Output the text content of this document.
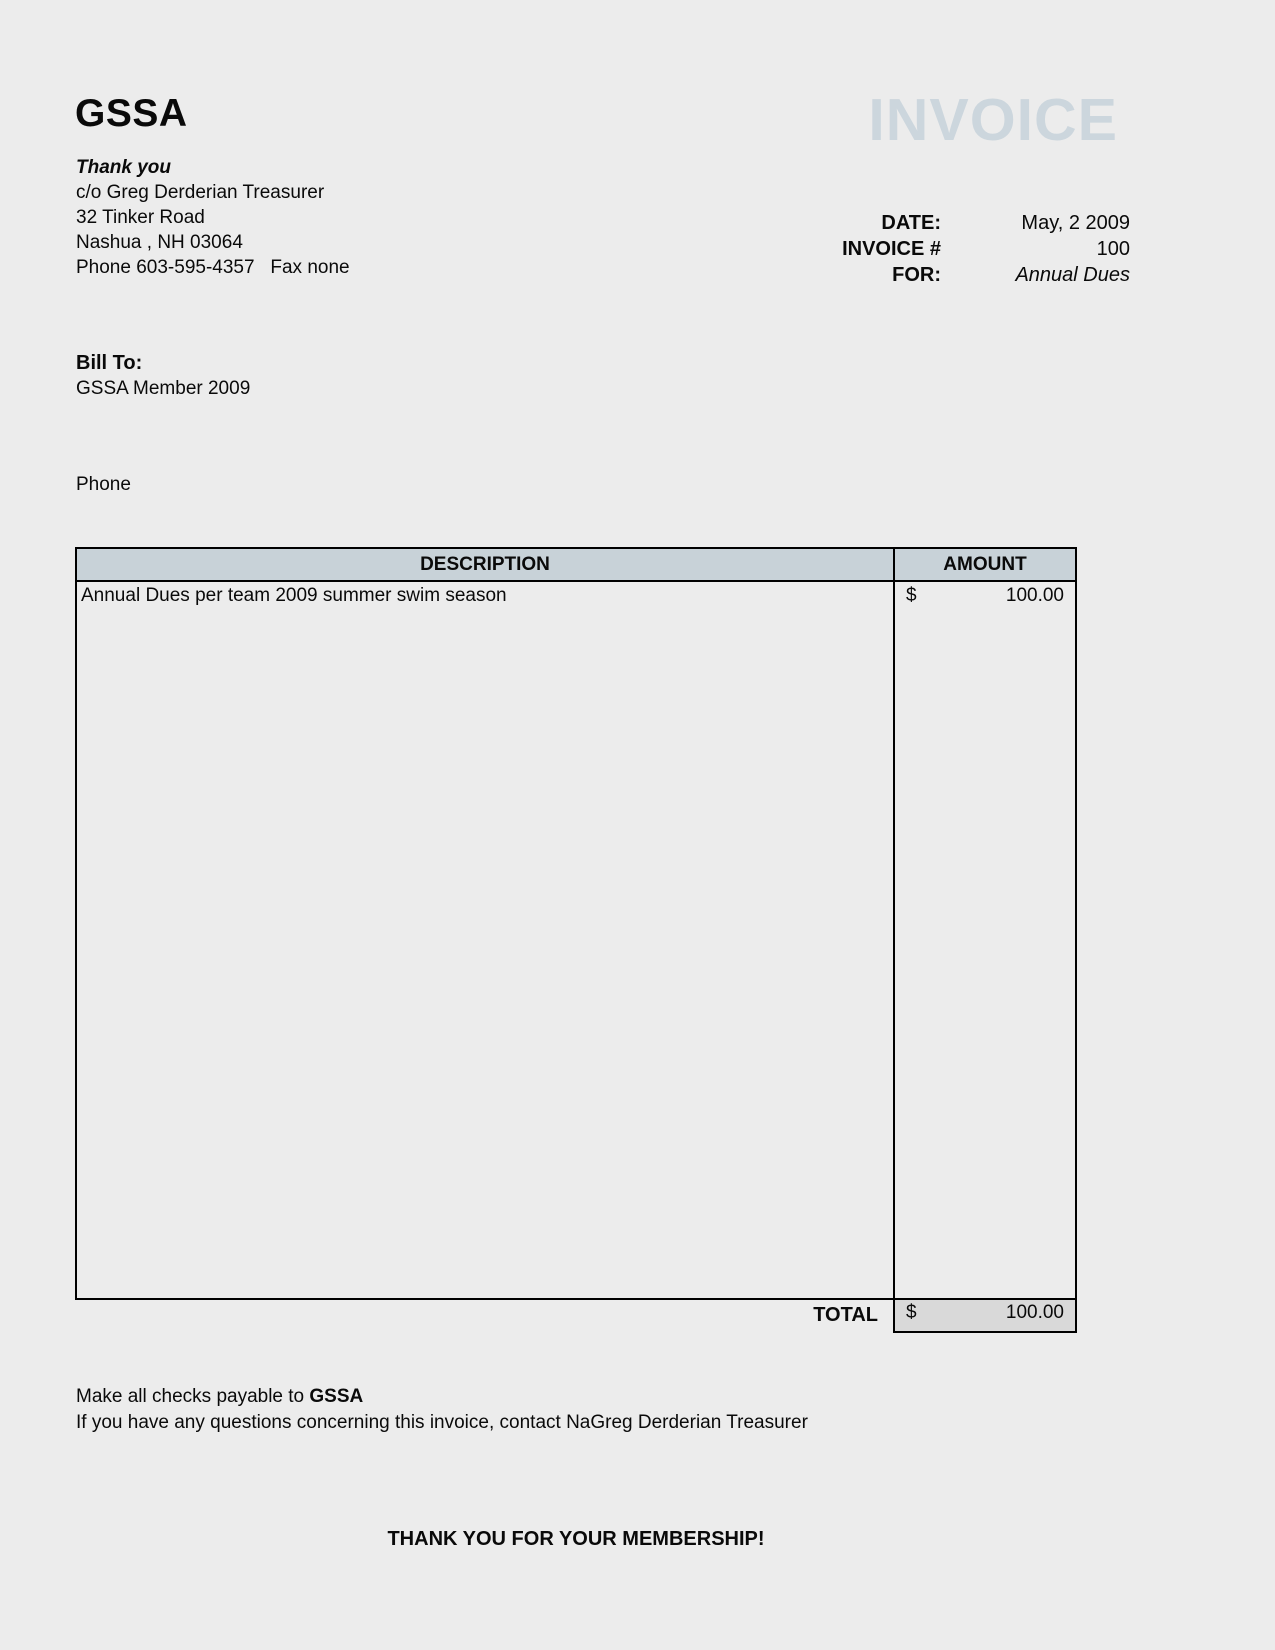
GSSA	INVOICE
Thank you
c/o Greg Derderian Treasurer
32 Tinker Road
Nashua , NH 03064
Phone 603-595-4357   Fax none
DATE:	May, 2 2009
INVOICE #	100
FOR:	Annual Dues
Bill To:
GSSA Member 2009
Phone
DESCRIPTION	AMOUNT
Annual Dues per team 2009 summer swim season	$	100.00
TOTAL	$	100.00
Make all checks payable to GSSA
If you have any questions concerning this invoice, contact NaGreg Derderian Treasurer
THANK YOU FOR YOUR MEMBERSHIP!
